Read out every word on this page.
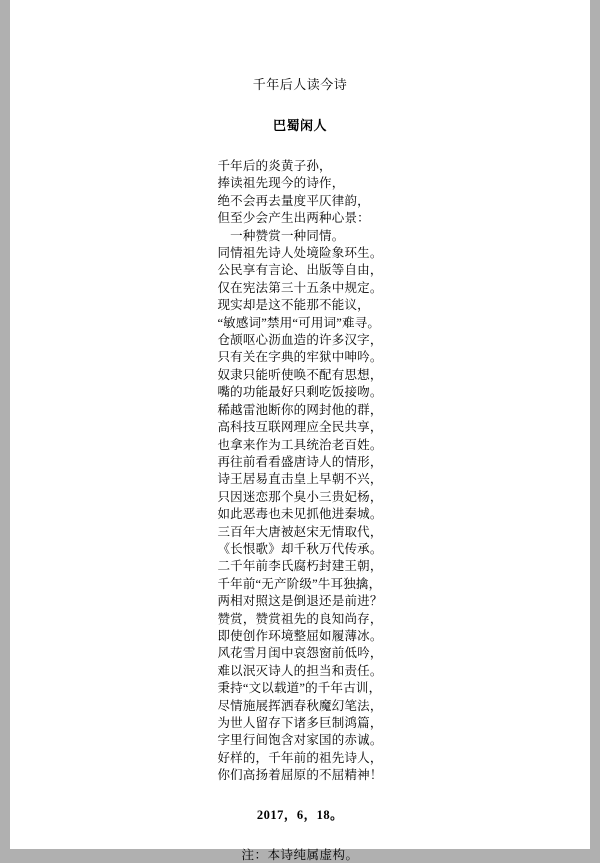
千年后人读今诗
巴蜀闲人
千年后的炎黄子孙，
捧读祖先现今的诗作，
绝不会再去量度平仄律韵，
但至少会产生出两种心景：
　一种赞赏一种同情。
同情祖先诗人处境险象环生。
公民享有言论、出版等自由，
仅在宪法第三十五条中规定。
现实却是这不能那不能议，
“敏感词”禁用“可用词”难寻。
仓颉呕心沥血造的许多汉字，
只有关在字典的牢狱中呻吟。
奴隶只能听使唤不配有思想，
嘴的功能最好只剩吃饭接吻。
稀越雷池断你的网封他的群，
高科技互联网理应全民共享，
也拿来作为工具统治老百姓。
再往前看看盛唐诗人的情形，
诗王居易直击皇上早朝不兴，
只因迷恋那个臭小三贵妃杨，
如此恶毒也未见抓他进秦城。
三百年大唐被赵宋无情取代，
《长恨歌》却千秋万代传承。
二千年前李氏腐朽封建王朝，
千年前“无产阶级”牛耳独擒，
两相对照这是倒退还是前进？
赞赏，赞赏祖先的良知尚存，
即使创作环境整屈如履薄冰。
风花雪月闺中哀怨窗前低吟，
难以泯灭诗人的担当和责任。
秉持“文以载道”的千年古训，
尽情施展挥洒春秋魔幻笔法，
为世人留存下诸多巨制鸿篇，
字里行间饱含对家国的赤诚。
好样的，千年前的祖先诗人，
你们高扬着屈原的不屈精神！
2017，6，18。
注：本诗纯属虚构。
